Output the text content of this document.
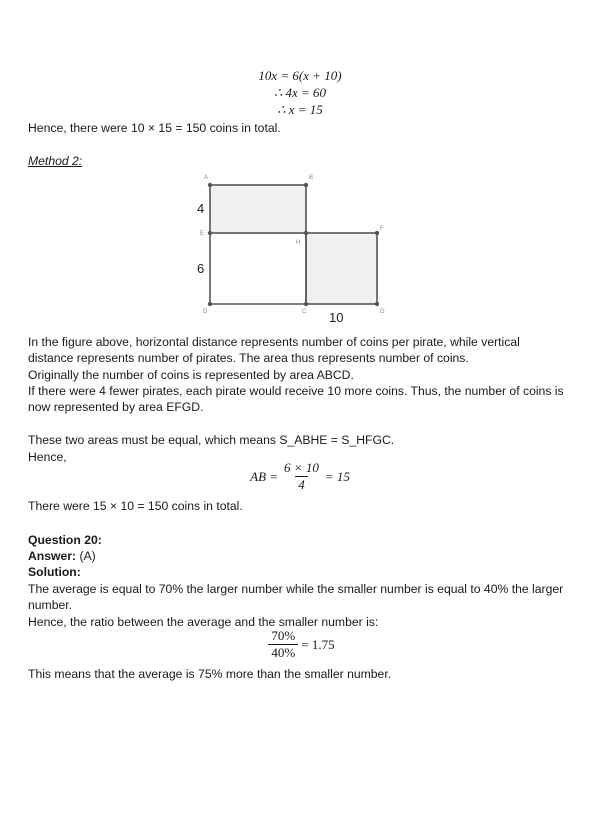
10x = 6(x + 10)
∴ 4x = 60
∴ x = 15
Hence, there were 10 × 15 = 150 coins in total.
Method 2:
A	B
E
H
F
D	C	G
4
6
10
In the figure above, horizontal distance represents number of coins per pirate, while vertical distance represents number of pirates. The area thus represents number of coins.
Originally the number of coins is represented by area ABCD.
If there were 4 fewer pirates, each pirate would receive 10 more coins. Thus, the number of coins is now represented by area EFGD.
These two areas must be equal, which means S_ABHE = S_HFGC.
Hence,
AB = $\frac{6 \times 10}{4} = 15$
There were 15 × 10 = 150 coins in total.
Question 20:
Answer: (A)
Solution:
The average is equal to 70% the larger number while the smaller number is equal to 40% the larger number.
Hence, the ratio between the average and the smaller number is:
$\frac{70\%}{40\%} = 1.75$
This means that the average is 75% more than the smaller number.
